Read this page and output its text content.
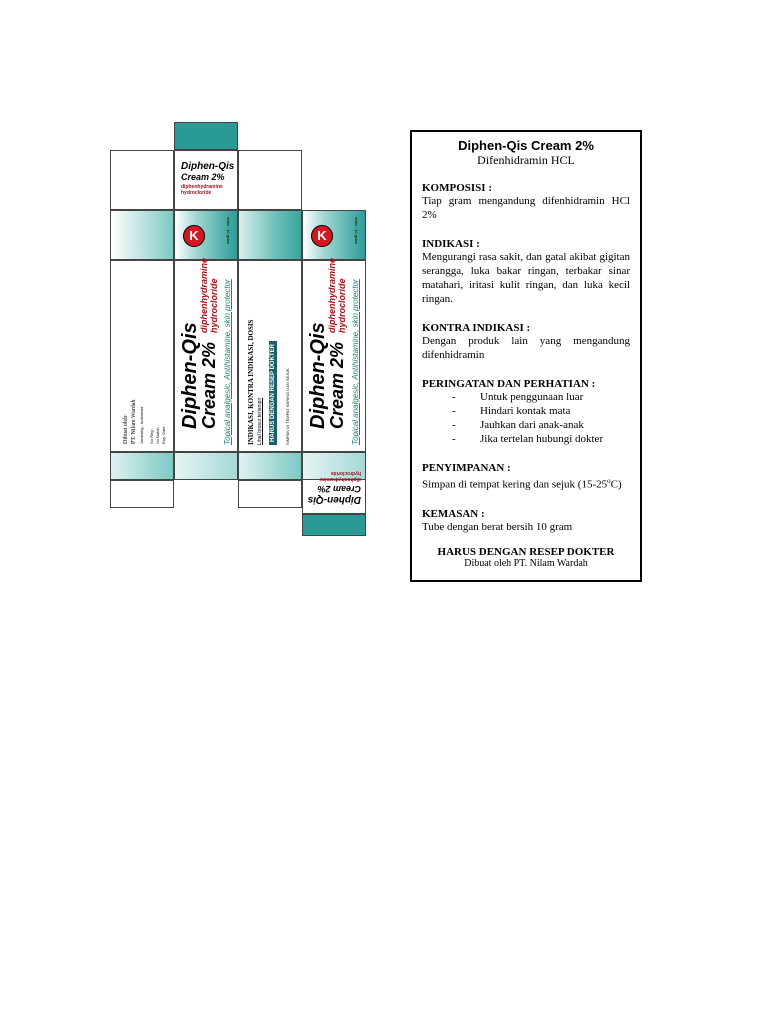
Diphen-Qis
Cream 2%
diphenhydramine
hydrocloride
K	netto : 10 gram	K	netto : 10 gram
Dibuat oleh: PT. Nilam Wardah Jombang - Indonesia No Reg : No Batch : Exp. Date :
Diphen-Qis
Cream 2%
diphenhydramine hydrocloride Topical analgesic, Antihistamine, skin protector INDIKASI, KONTRA INDIKASI, DOSIS Lihat brosur terlampir HARUS DENGAN RESEP DOKTER SIMPAN DI TEMPAT KERING DAN SEJUK Diphen-Qis
Cream 2%
diphenhydramine hydrocloride Topical analgesic, Antihistamine, skin protector
Diphen-Qis
Cream 2%
diphenhydramine
hydrocloride
Diphen-Qis Cream 2%
Difenhidramin HCL
KOMPOSISI :
Tiap gram mengandung difenhidramin HCl 2%
INDIKASI :
Mengurangi rasa sakit, dan gatal akibat gigitan serangga, luka bakar ringan, terbakar sinar matahari, iritasi kulit ringan, dan luka kecil ringan.
KONTRA INDIKASI :
Dengan produk lain yang mengandung difenhidramin
PERINGATAN DAN PERHATIAN :
- Untuk penggunaan luar
- Hindari kontak mata
- Jauhkan dari anak-anak
- Jika tertelan hubungi dokter
PENYIMPANAN :
Simpan di tempat kering dan sejuk (15-25$^o$C)
KEMASAN :
Tube dengan berat bersih 10 gram
HARUS DENGAN RESEP DOKTER
Dibuat oleh PT. Nilam Wardah
